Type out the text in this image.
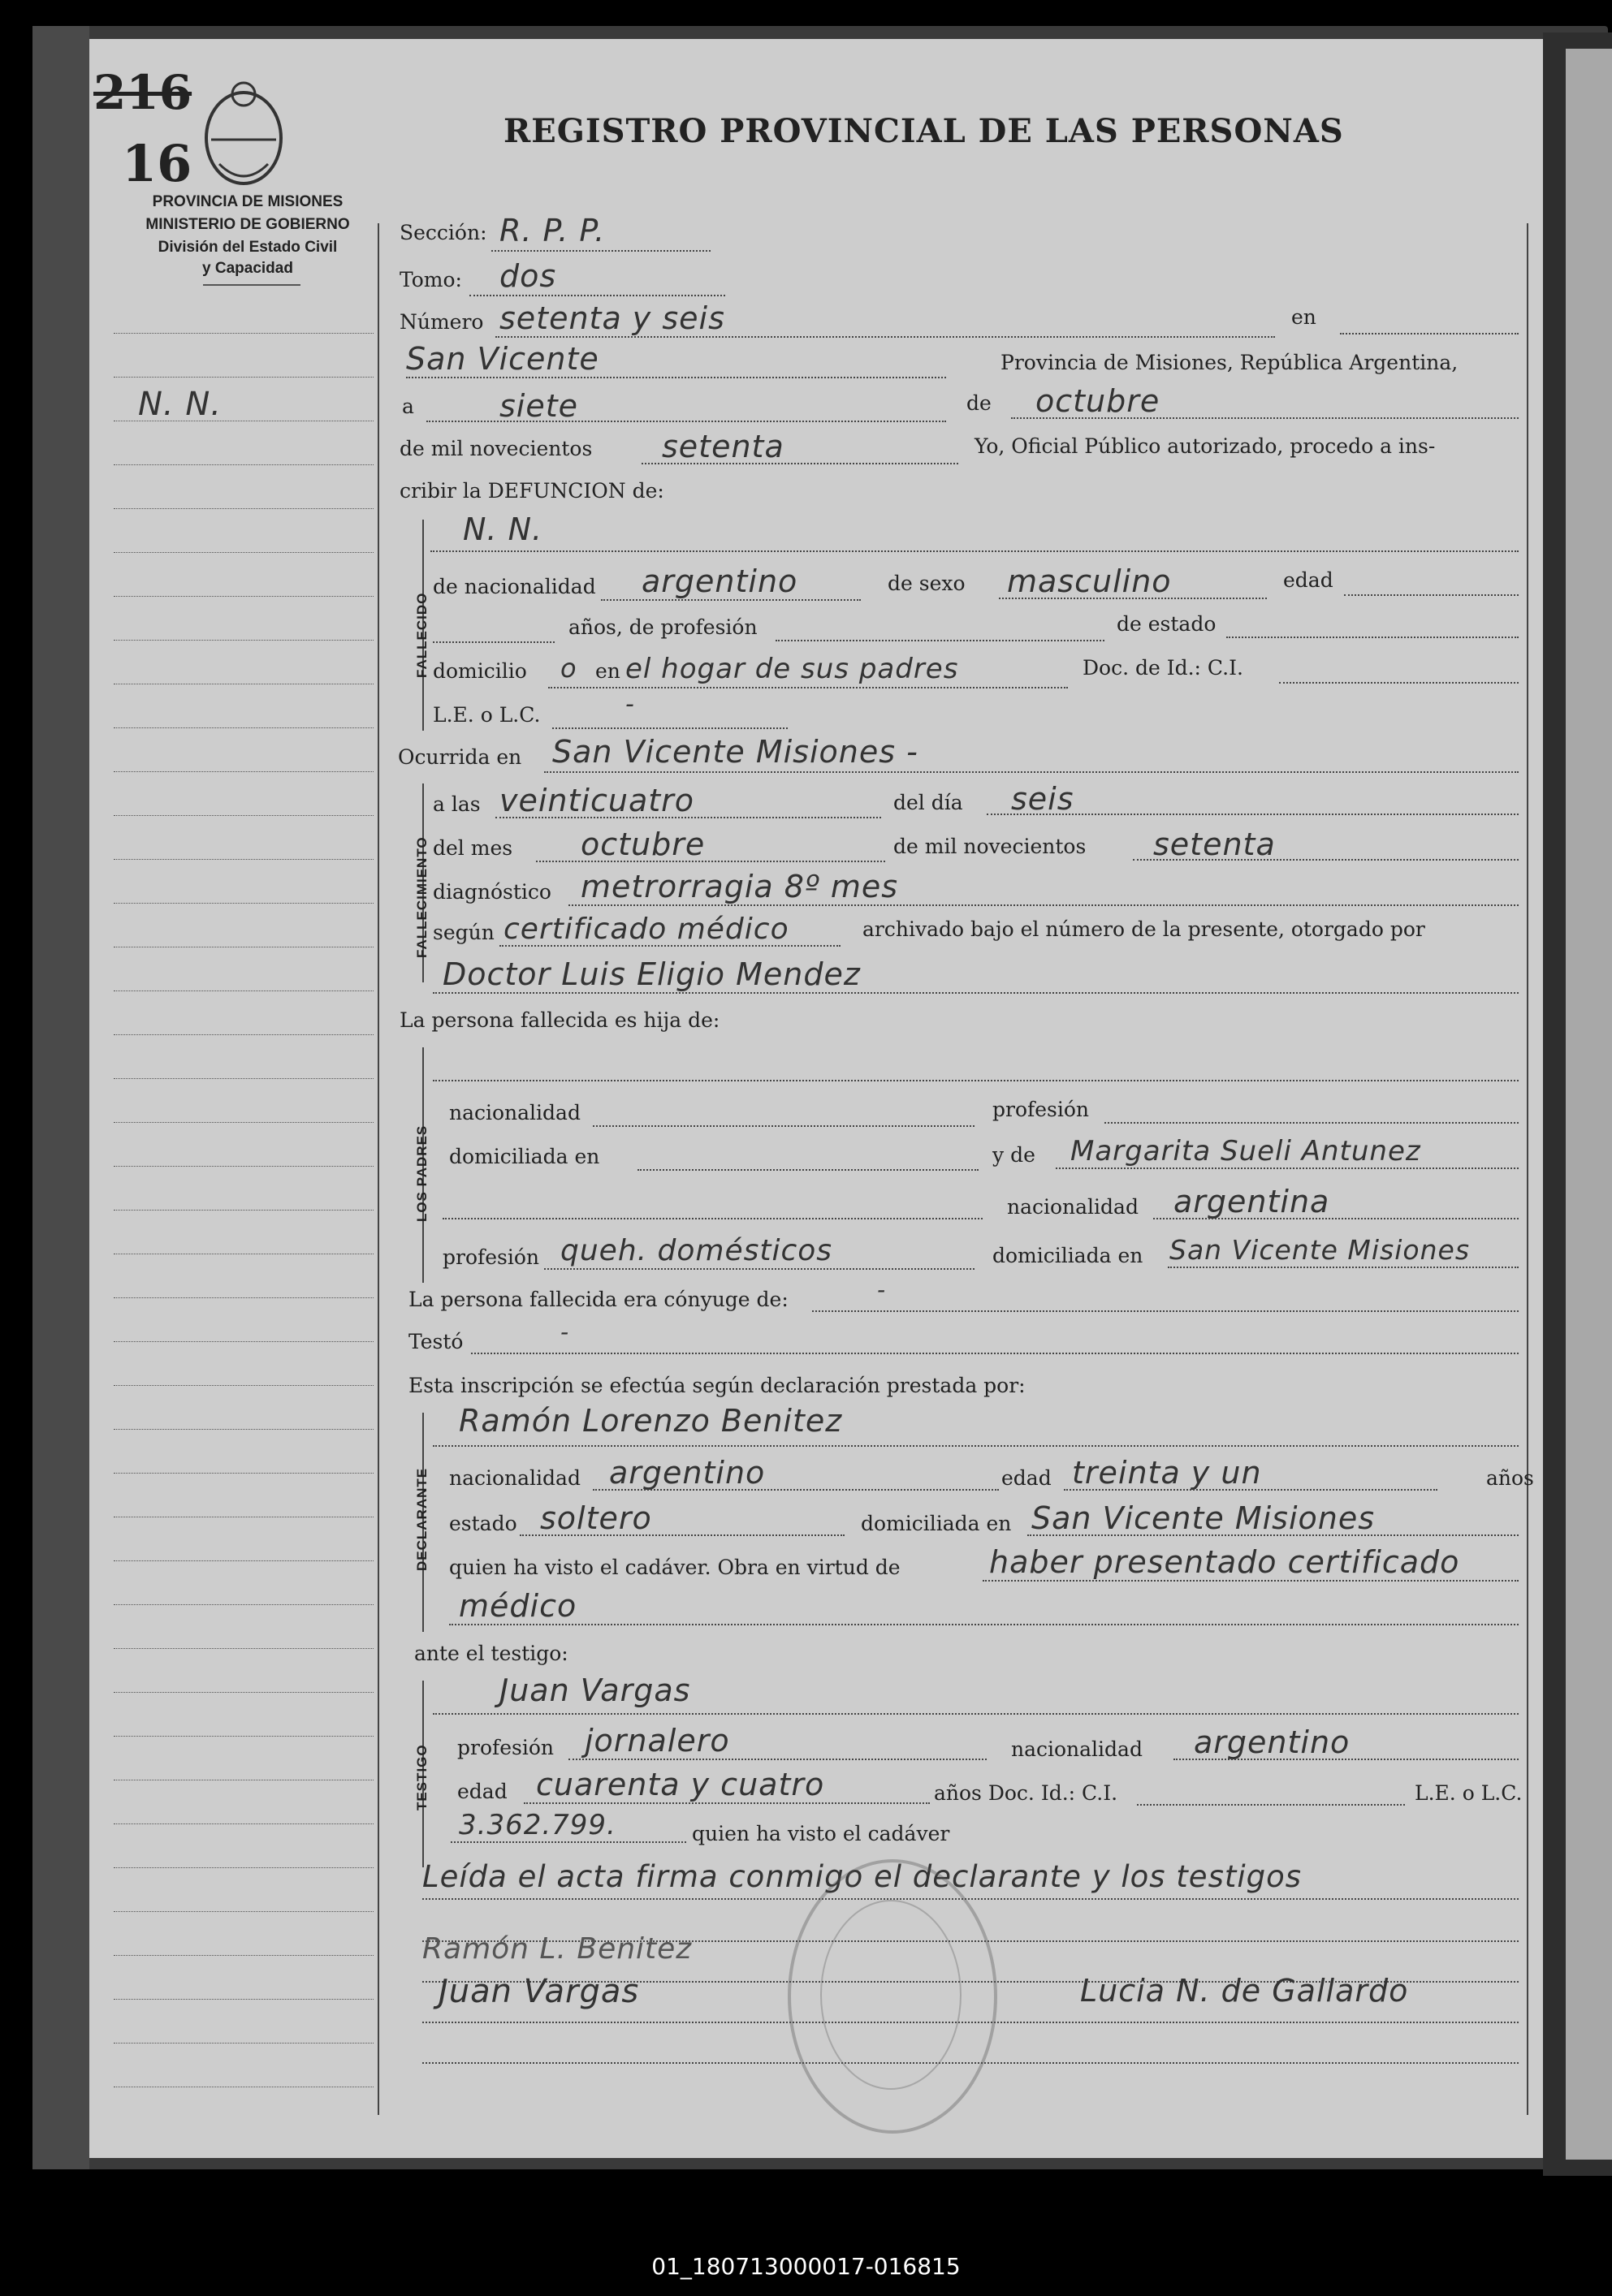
216
16
REGISTRO PROVINCIAL DE LAS PERSONAS
PROVINCIA DE MISIONES
MINISTERIO DE GOBIERNO
División del Estado Civil
y Capacidad
N. N.
Sección: R. P. P.
Tomo: dos
Número setenta y seis	en
San Vicente	Provincia de Misiones, República Argentina,
a	siete	de octubre
de mil novecientos setenta	Yo, Oficial Público autorizado, procedo a ins-
cribir la DEFUNCION de:
FALLECIDO
N. N.
de nacionalidad argentino	de sexo masculino	edad
años, de profesión	de estado
domicilio o en el hogar de sus padres	Doc. de Id.: C.I.
L.E. o L.C.	-
Ocurrida en San Vicente Misiones -
FALLECIMIENTO
a las veinticuatro	del día seis
del mes octubre	de mil novecientos setenta
diagnóstico metrorragia 8º mes
según certificado médico	archivado bajo el número de la presente, otorgado por
Doctor Luis Eligio Mendez
La persona fallecida es hija de:
LOS PADRES
nacionalidad	profesión
domiciliada en	y de Margarita Sueli Antunez
nacionalidad argentina
profesión queh. domésticos	domiciliada en San Vicente Misiones
La persona fallecida era cónyuge de:	-
Testó	-
Esta inscripción se efectúa según declaración prestada por:
DECLARANTE
Ramón Lorenzo Benitez
nacionalidad argentino	edad treinta y un	años
estado soltero	domiciliada en San Vicente Misiones
quien ha visto el cadáver. Obra en virtud de	haber presentado certificado
médico
ante el testigo:
TESTIGO
Juan Vargas
profesión jornalero	nacionalidad argentino
edad cuarenta y cuatro	años Doc. Id.: C.I.	L.E. o L.C.
3.362.799.	quien ha visto el cadáver
Leída el acta firma conmigo el declarante y los testigos
Ramón L. Benitez
Juan Vargas	Lucia N. de Gallardo
01_180713000017-016815
